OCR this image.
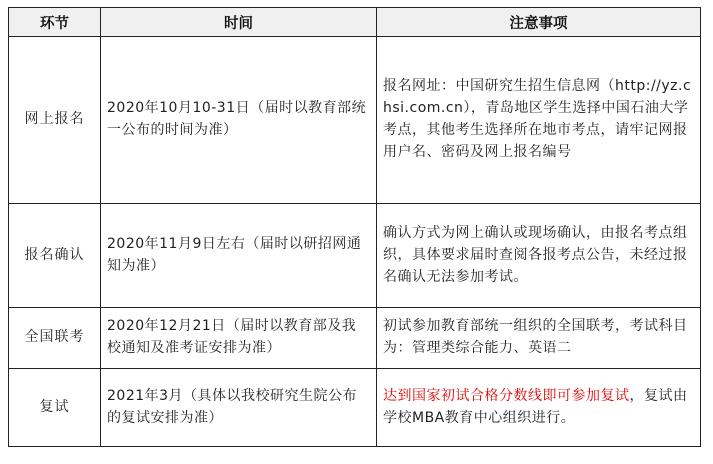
环节	时间	注意事项
网上报名	2020年10月10-31日（届时以教育部统一公布的时间为准）	报名网址：中国研究生招生信息网（http://yz.chsi.com.cn），青岛地区学生选择中国石油大学考点，其他考生选择所在地市考点，请牢记网报用户名、密码及网上报名编号
报名确认	2020年11月9日左右（届时以研招网通知为准）	确认方式为网上确认或现场确认，由报名考点组织，具体要求届时查阅各报考点公告，未经过报名确认无法参加考试。
全国联考	2020年12月21日（届时以教育部及我校通知及准考证安排为准）	初试参加教育部统一组织的全国联考，考试科目为：管理类综合能力、英语二
复试	2021年3月（具体以我校研究生院公布的复试安排为准）	达到国家初试合格分数线即可参加复试，复试由学校MBA教育中心组织进行。
